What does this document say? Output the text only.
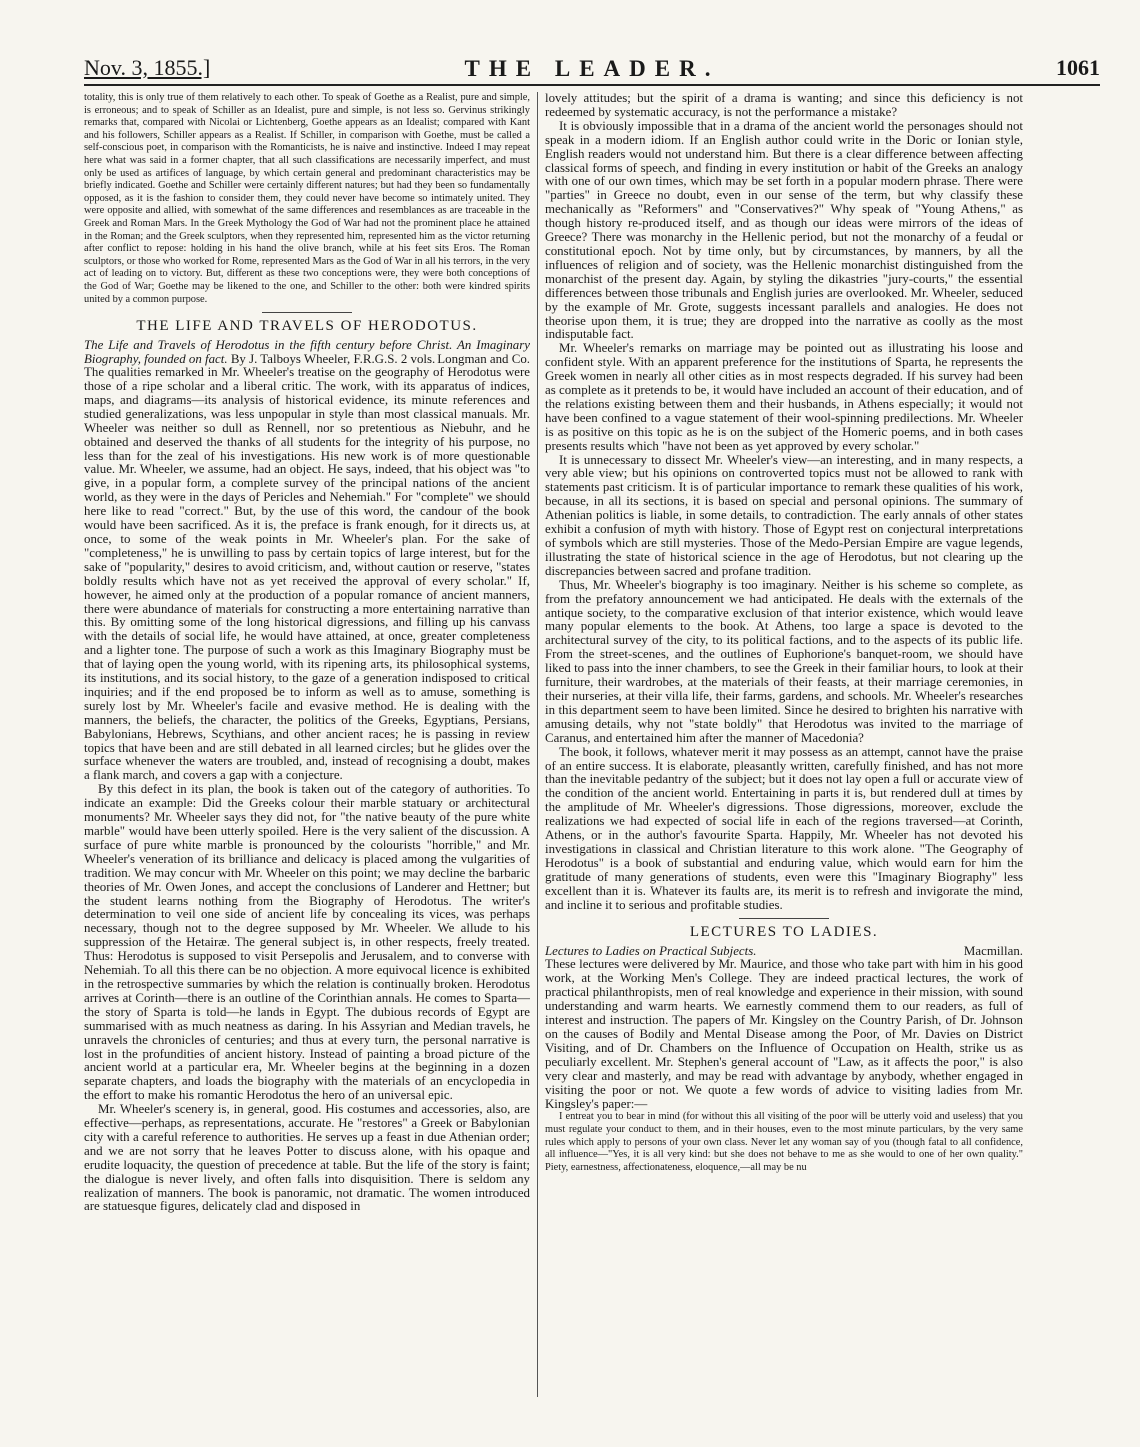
Nov. 3, 1855.]	THE LEADER.	1061

totality, this is only true of them relatively to each other. To speak of Goethe as a Realist, pure and simple, is erroneous; and to speak of Schiller as an Idealist, pure and simple, is not less so. Gervinus strikingly remarks that, compared with Nicolai or Lichtenberg, Goethe appears as an Idealist; compared with Kant and his followers, Schiller appears as a Realist. If Schiller, in comparison with Goethe, must be called a self-conscious poet, in comparison with the Romanticists, he is naive and instinctive. Indeed I may repeat here what was said in a former chapter, that all such classifications are necessarily imperfect, and must only be used as artifices of language, by which certain general and predominant characteristics may be briefly indicated. Goethe and Schiller were certainly different natures; but had they been so fundamentally opposed, as it is the fashion to consider them, they could never have become so intimately united. They were opposite and allied, with somewhat of the same differences and resemblances as are traceable in the Greek and Roman Mars. In the Greek Mythology the God of War had not the prominent place he attained in the Roman; and the Greek sculptors, when they represented him, represented him as the victor returning after conflict to repose: holding in his hand the olive branch, while at his feet sits Eros. The Roman sculptors, or those who worked for Rome, represented Mars as the God of War in all his terrors, in the very act of leading on to victory. But, different as these two conceptions were, they were both conceptions of the God of War; Goethe may be likened to the one, and Schiller to the other: both were kindred spirits united by a common purpose.

THE LIFE AND TRAVELS OF HERODOTUS.
The Life and Travels of Herodotus in the fifth century before Christ. An Imaginary Biography, founded on fact. By J. Talboys Wheeler, F.R.G.S. 2 vols. Longman and Co.

The qualities remarked in Mr. Wheeler's treatise on the geography of Herodotus were those of a ripe scholar and a liberal critic. The work, with its apparatus of indices, maps, and diagrams—its analysis of historical evidence, its minute references and studied generalizations, was less unpopular in style than most classical manuals. Mr. Wheeler was neither so dull as Rennell, nor so pretentious as Niebuhr, and he obtained and deserved the thanks of all students for the integrity of his purpose, no less than for the zeal of his investigations. His new work is of more questionable value. Mr. Wheeler, we assume, had an object. He says, indeed, that his object was "to give, in a popular form, a complete survey of the principal nations of the ancient world, as they were in the days of Pericles and Nehemiah." For "complete" we should here like to read "correct." But, by the use of this word, the candour of the book would have been sacrificed. As it is, the preface is frank enough, for it directs us, at once, to some of the weak points in Mr. Wheeler's plan. For the sake of "completeness," he is unwilling to pass by certain topics of large interest, but for the sake of "popularity," desires to avoid criticism, and, without caution or reserve, "states boldly results which have not as yet received the approval of every scholar." If, however, he aimed only at the production of a popular romance of ancient manners, there were abundance of materials for constructing a more entertaining narrative than this. By omitting some of the long historical digressions, and filling up his canvass with the details of social life, he would have attained, at once, greater completeness and a lighter tone. The purpose of such a work as this Imaginary Biography must be that of laying open the young world, with its ripening arts, its philosophical systems, its institutions, and its social history, to the gaze of a generation indisposed to critical inquiries; and if the end proposed be to inform as well as to amuse, something is surely lost by Mr. Wheeler's facile and evasive method. He is dealing with the manners, the beliefs, the character, the politics of the Greeks, Egyptians, Persians, Babylonians, Hebrews, Scythians, and other ancient races; he is passing in review topics that have been and are still debated in all learned circles; but he glides over the surface whenever the waters are troubled, and, instead of recognising a doubt, makes a flank march, and covers a gap with a conjecture.

By this defect in its plan, the book is taken out of the category of authorities. To indicate an example: Did the Greeks colour their marble statuary or architectural monuments? Mr. Wheeler says they did not, for "the native beauty of the pure white marble" would have been utterly spoiled. Here is the very salient of the discussion. A surface of pure white marble is pronounced by the colourists "horrible," and Mr. Wheeler's veneration of its brilliance and delicacy is placed among the vulgarities of tradition. We may concur with Mr. Wheeler on this point; we may decline the barbaric theories of Mr. Owen Jones, and accept the conclusions of Landerer and Hettner; but the student learns nothing from the Biography of Herodotus. The writer's determination to veil one side of ancient life by concealing its vices, was perhaps necessary, though not to the degree supposed by Mr. Wheeler. We allude to his suppression of the Hetairæ. The general subject is, in other respects, freely treated. Thus: Herodotus is supposed to visit Persepolis and Jerusalem, and to converse with Nehemiah. To all this there can be no objection. A more equivocal licence is exhibited in the retrospective summaries by which the relation is continually broken. Herodotus arrives at Corinth—there is an outline of the Corinthian annals. He comes to Sparta—the story of Sparta is told—he lands in Egypt. The dubious records of Egypt are summarised with as much neatness as daring. In his Assyrian and Median travels, he unravels the chronicles of centuries; and thus at every turn, the personal narrative is lost in the profundities of ancient history. Instead of painting a broad picture of the ancient world at a particular era, Mr. Wheeler begins at the beginning in a dozen separate chapters, and loads the biography with the materials of an encyclopedia in the effort to make his romantic Herodotus the hero of an universal epic.

Mr. Wheeler's scenery is, in general, good. His costumes and accessories, also, are effective—perhaps, as representations, accurate. He "restores" a Greek or Babylonian city with a careful reference to authorities. He serves up a feast in due Athenian order; and we are not sorry that he leaves Potter to discuss alone, with his opaque and erudite loquacity, the question of precedence at table. But the life of the story is faint; the dialogue is never lively, and often falls into disquisition. There is seldom any realization of manners. The book is panoramic, not dramatic. The women introduced are statuesque figures, delicately clad and disposed in

lovely attitudes; but the spirit of a drama is wanting; and since this deficiency is not redeemed by systematic accuracy, is not the performance a mistake?

It is obviously impossible that in a drama of the ancient world the personages should not speak in a modern idiom. If an English author could write in the Doric or Ionian style, English readers would not understand him. But there is a clear difference between affecting classical forms of speech, and finding in every institution or habit of the Greeks an analogy with one of our own times, which may be set forth in a popular modern phrase. There were "parties" in Greece no doubt, even in our sense of the term, but why classify these mechanically as "Reformers" and "Conservatives?" Why speak of "Young Athens," as though history re-produced itself, and as though our ideas were mirrors of the ideas of Greece? There was monarchy in the Hellenic period, but not the monarchy of a feudal or constitutional epoch. Not by time only, but by circumstances, by manners, by all the influences of religion and of society, was the Hellenic monarchist distinguished from the monarchist of the present day. Again, by styling the dikastries "jury-courts," the essential differences between those tribunals and English juries are overlooked. Mr. Wheeler, seduced by the example of Mr. Grote, suggests incessant parallels and analogies. He does not theorise upon them, it is true; they are dropped into the narrative as coolly as the most indisputable fact.

Mr. Wheeler's remarks on marriage may be pointed out as illustrating his loose and confident style. With an apparent preference for the institutions of Sparta, he represents the Greek women in nearly all other cities as in most respects degraded. If his survey had been as complete as it pretends to be, it would have included an account of their education, and of the relations existing between them and their husbands, in Athens especially; it would not have been confined to a vague statement of their wool-spinning predilections. Mr. Wheeler is as positive on this topic as he is on the subject of the Homeric poems, and in both cases presents results which "have not been as yet approved by every scholar."

It is unnecessary to dissect Mr. Wheeler's view—an interesting, and in many respects, a very able view; but his opinions on controverted topics must not be allowed to rank with statements past criticism. It is of particular importance to remark these qualities of his work, because, in all its sections, it is based on special and personal opinions. The summary of Athenian politics is liable, in some details, to contradiction. The early annals of other states exhibit a confusion of myth with history. Those of Egypt rest on conjectural interpretations of symbols which are still mysteries. Those of the Medo-Persian Empire are vague legends, illustrating the state of historical science in the age of Herodotus, but not clearing up the discrepancies between sacred and profane tradition.

Thus, Mr. Wheeler's biography is too imaginary. Neither is his scheme so complete, as from the prefatory announcement we had anticipated. He deals with the externals of the antique society, to the comparative exclusion of that interior existence, which would leave many popular elements to the book. At Athens, too large a space is devoted to the architectural survey of the city, to its political factions, and to the aspects of its public life. From the street-scenes, and the outlines of Euphorione's banquet-room, we should have liked to pass into the inner chambers, to see the Greek in their familiar hours, to look at their furniture, their wardrobes, at the materials of their feasts, at their marriage ceremonies, in their nurseries, at their villa life, their farms, gardens, and schools. Mr. Wheeler's researches in this department seem to have been limited. Since he desired to brighten his narrative with amusing details, why not "state boldly" that Herodotus was invited to the marriage of Caranus, and entertained him after the manner of Macedonia?

The book, it follows, whatever merit it may possess as an attempt, cannot have the praise of an entire success. It is elaborate, pleasantly written, carefully finished, and has not more than the inevitable pedantry of the subject; but it does not lay open a full or accurate view of the condition of the ancient world. Entertaining in parts it is, but rendered dull at times by the amplitude of Mr. Wheeler's digressions. Those digressions, moreover, exclude the realizations we had expected of social life in each of the regions traversed—at Corinth, Athens, or in the author's favourite Sparta. Happily, Mr. Wheeler has not devoted his investigations in classical and Christian literature to this work alone. "The Geography of Herodotus" is a book of substantial and enduring value, which would earn for him the gratitude of many generations of students, even were this "Imaginary Biography" less excellent than it is. Whatever its faults are, its merit is to refresh and invigorate the mind, and incline it to serious and profitable studies.

LECTURES TO LADIES.
Lectures to Ladies on Practical Subjects.	Macmillan.

These lectures were delivered by Mr. Maurice, and those who take part with him in his good work, at the Working Men's College. They are indeed practical lectures, the work of practical philanthropists, men of real knowledge and experience in their mission, with sound understanding and warm hearts. We earnestly commend them to our readers, as full of interest and instruction. The papers of Mr. Kingsley on the Country Parish, of Dr. Johnson on the causes of Bodily and Mental Disease among the Poor, of Mr. Davies on District Visiting, and of Dr. Chambers on the Influence of Occupation on Health, strike us as peculiarly excellent. Mr. Stephen's general account of "Law, as it affects the poor," is also very clear and masterly, and may be read with advantage by anybody, whether engaged in visiting the poor or not. We quote a few words of advice to visiting ladies from Mr. Kingsley's paper:—

I entreat you to bear in mind (for without this all visiting of the poor will be utterly void and useless) that you must regulate your conduct to them, and in their houses, even to the most minute particulars, by the very same rules which apply to persons of your own class. Never let any woman say of you (though fatal to all confidence, all influence—"Yes, it is all very kind: but she does not behave to me as she would to one of her own quality." Piety, earnestness, affectionateness, eloquence,—all may be nu
